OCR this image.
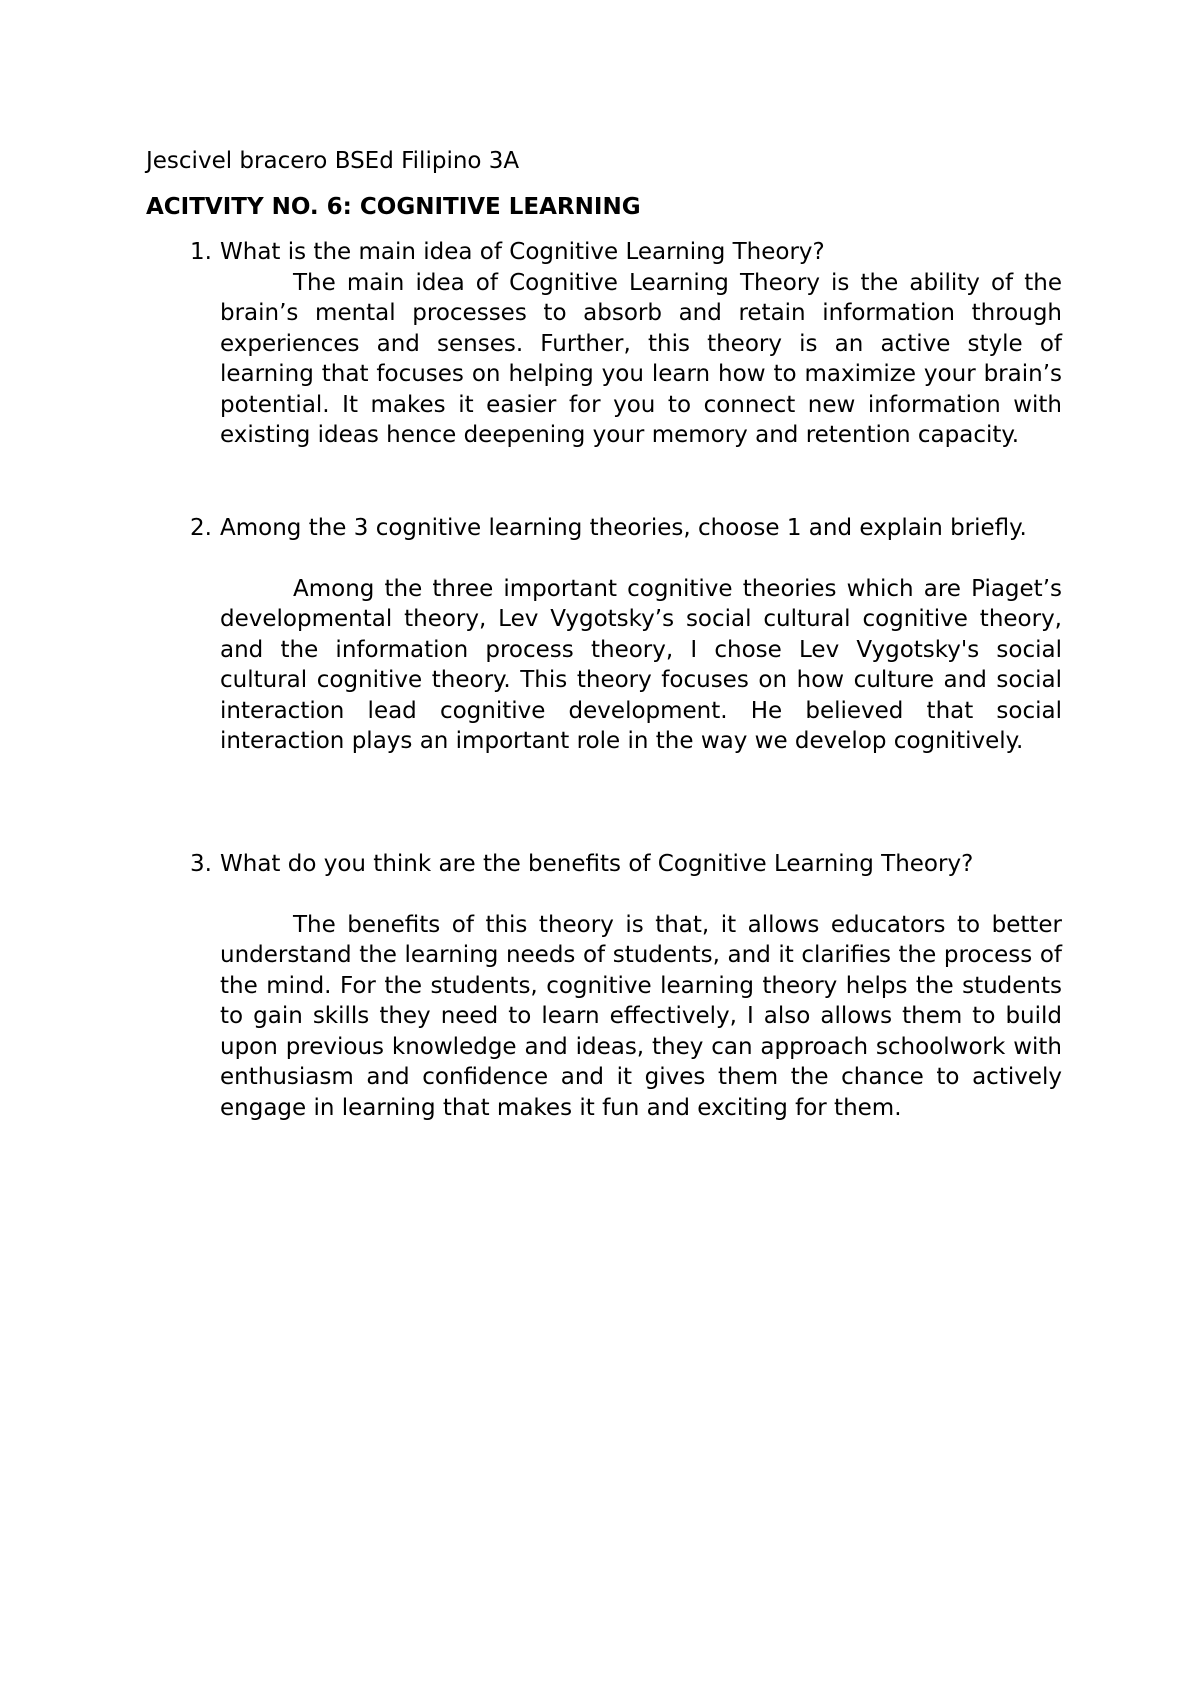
Jescivel bracero BSEd Filipino 3A
ACITVITY NO. 6: COGNITIVE LEARNING
1. What is the main idea of Cognitive Learning Theory?

The main idea of Cognitive Learning Theory is the ability of the brain’s mental processes to absorb and retain information through experiences and senses. Further, this theory is an active style of learning that focuses on helping you learn how to maximize your brain’s potential. It makes it easier for you to connect new information with existing ideas hence deepening your memory and retention capacity.

2. Among the 3 cognitive learning theories, choose 1 and explain briefly.

Among the three important cognitive theories which are Piaget’s developmental theory, Lev Vygotsky’s social cultural cognitive theory, and the information process theory, I chose Lev Vygotsky's social cultural cognitive theory. This theory focuses on how culture and social interaction lead cognitive development. He believed that social interaction plays an important role in the way we develop cognitively.

3. What do you think are the benefits of Cognitive Learning Theory?

The benefits of this theory is that, it allows educators to better understand the learning needs of students, and it clarifies the process of the mind. For the students, cognitive learning theory helps the students to gain skills they need to learn effectively, I also allows them to build upon previous knowledge and ideas, they can approach schoolwork with enthusiasm and confidence and it gives them the chance to actively engage in learning that makes it fun and exciting for them.
